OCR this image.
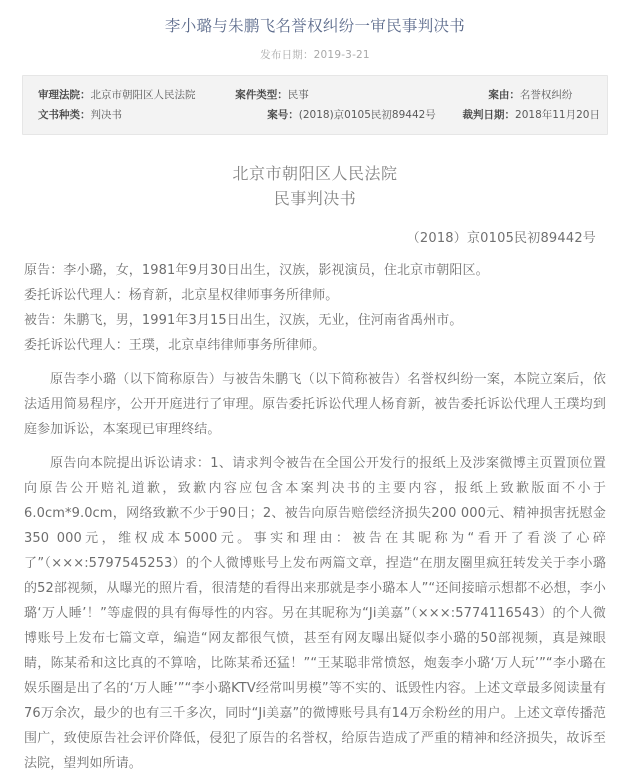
李小璐与朱鹏飞名誉权纠纷一审民事判决书
发布日期：2019-3-21
审理法院： 北京市朝阳区人民法院	案件类型： 民事	案由： 名誉权纠纷
文书种类： 判决书	案号： (2018)京0105民初89442号	裁判日期： 2018年11月20日
北京市朝阳区人民法院
民事判决书
（2018）京0105民初89442号

原告：李小璐，女，1981年9月30日出生，汉族，影视演员，住北京市朝阳区。

委托诉讼代理人：杨育新，北京星权律师事务所律师。

被告：朱鹏飞，男，1991年3月15日出生，汉族，无业，住河南省禹州市。

委托诉讼代理人：王璞，北京卓纬律师事务所律师。

原告李小璐（以下简称原告）与被告朱鹏飞（以下简称被告）名誉权纠纷一案，本院立案后，依法适用简易程序，公开开庭进行了审理。原告委托诉讼代理人杨育新，被告委托诉讼代理人王璞均到庭参加诉讼，本案现已审理终结。

原告向本院提出诉讼请求：1、请求判令被告在全国公开发行的报纸上及涉案微博主页置顶位置向原告公开赔礼道歉，致歉内容应包含本案判决书的主要内容，报纸上致歉版面不小于6.0cm*9.0cm，网络致歉不少于90日；2、被告向原告赔偿经济损失200 000元、精神损害抚慰金350 000元，维权成本5000元。事实和理由：被告在其昵称为“看开了看淡了心碎了”（×××:5797545253）的个人微博账号上发布两篇文章，捏造“在朋友圈里疯狂转发关于李小璐的52部视频，从曝光的照片看，很清楚的看得出来那就是李小璐本人”“还间接暗示想都不必想，李小璐‘万人睡’！”等虚假的具有侮辱性的内容。另在其昵称为“Ji美嘉”（×××:5774116543）的个人微博账号上发布七篇文章，编造“网友都很气愤，甚至有网友曝出疑似李小璐的50部视频，真是辣眼睛，陈某希和这比真的不算啥，比陈某希还猛！”“王某聪非常愤怒，炮轰李小璐‘万人玩’”“李小璐在娱乐圈是出了名的‘万人睡’”“李小璐KTV经常叫男模”等不实的、诋毁性内容。上述文章最多阅读量有76万余次，最少的也有三千多次，同时“Ji美嘉”的微博账号具有14万余粉丝的用户。上述文章传播范围广，致使原告社会评价降低，侵犯了原告的名誉权，给原告造成了严重的精神和经济损失，故诉至法院，望判如所请。
